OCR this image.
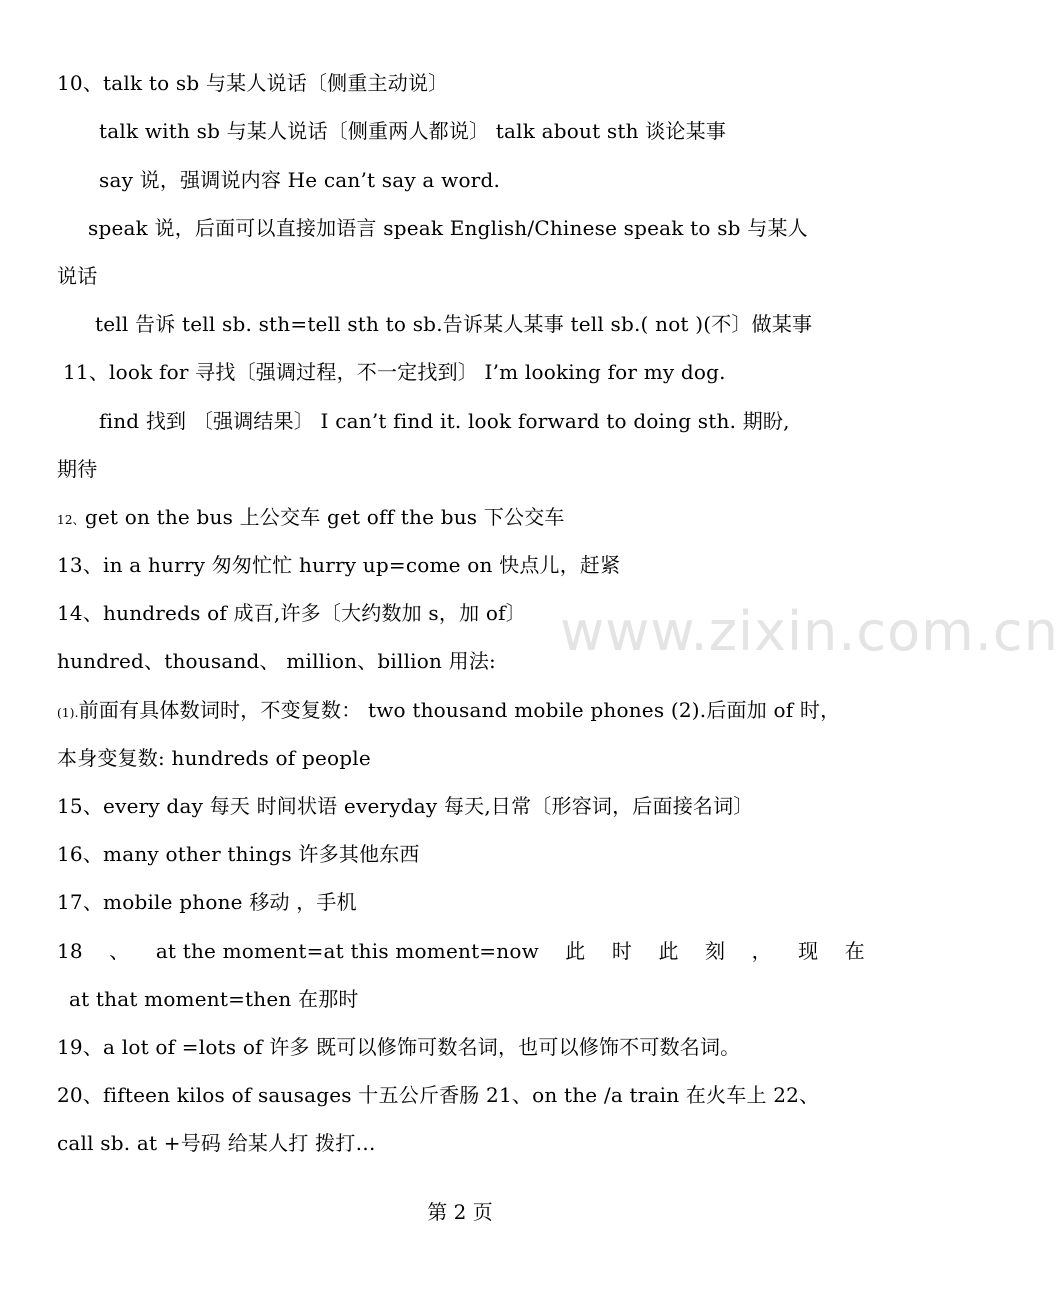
www.zixin.com.cn
10、talk to sb 与某人说话〔侧重主动说〕
talk with sb 与某人说话〔侧重两人都说〕 talk about sth 谈论某事
say 说，强调说内容 He can’t say a word.
speak 说，后面可以直接加语言 speak English/Chinese speak to sb 与某人
说话
tell 告诉 tell sb. sth=tell sth to sb.告诉某人某事 tell sb.( not )(不〕做某事
11、look for 寻找〔强调过程，不一定找到〕 I’m looking for my dog.
find 找到 〔强调结果〕 I can’t find it. look forward to doing sth. 期盼,
期待
12、get on the bus 上公交车 get off the bus 下公交车
13、in a hurry 匆匆忙忙 hurry up=come on 快点儿，赶紧
14、hundreds of 成百,许多〔大约数加 s，加 of〕
hundred、thousand、 million、billion 用法:
(1).前面有具体数词时，不变复数： two thousand mobile phones (2).后面加 of 时，
本身变复数: hundreds of people
15、every day 每天 时间状语 everyday 每天,日常〔形容词，后面接名词〕
16、many other things 许多其他东西
17、mobile phone 移动 ，手机
18 、 at the moment=at this moment=now 此 时 此 刻 ， 现 在
at that moment=then 在那时
19、a lot of =lots of 许多 既可以修饰可数名词，也可以修饰不可数名词。
20、fifteen kilos of sausages 十五公斤香肠 21、on the /a train 在火车上 22、
call sb. at +号码 给某人打 拨打…
第 2 页
